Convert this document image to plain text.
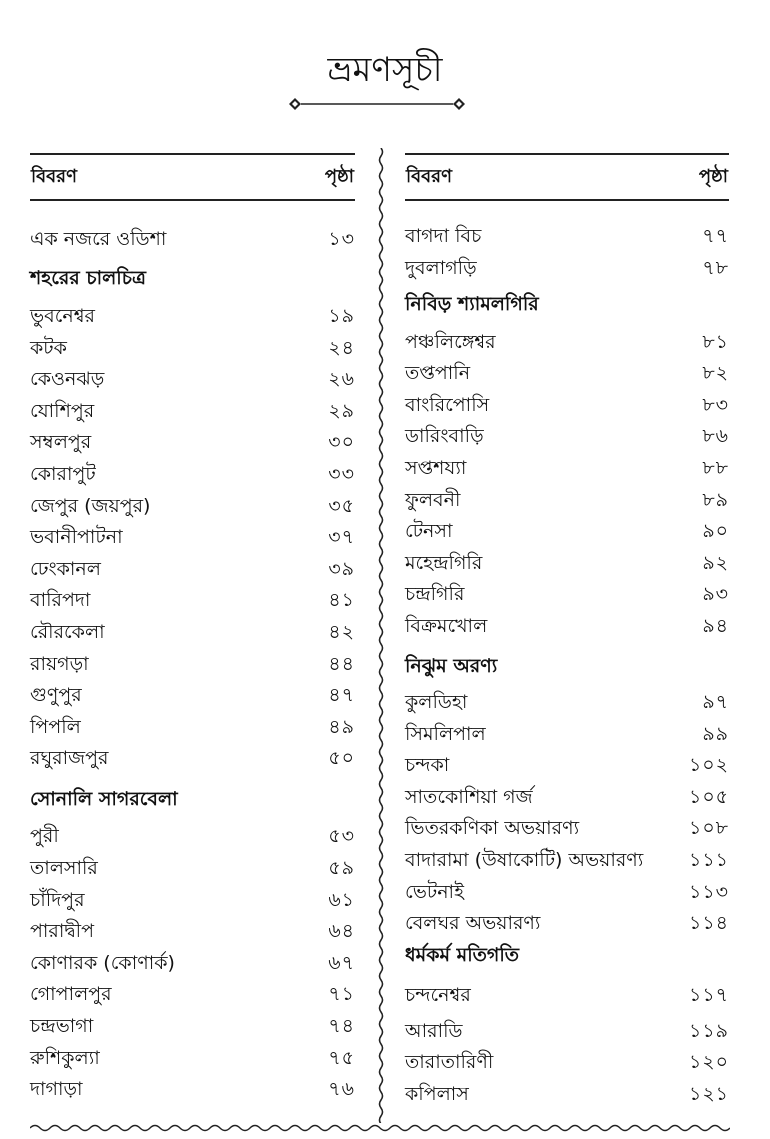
ভ্রমণসূচী
বিবরণ	পৃষ্ঠা
এক নজরে ওডিশা	১৩
শহরের চালচিত্র
ভুবনেশ্বর	১৯
কটক	২৪
কেওনঝড়	২৬
যোশিপুর	২৯
সম্বলপুর	৩০
কোরাপুট	৩৩
জেপুর (জয়পুর)	৩৫
ভবানীপাটনা	৩৭
ঢেংকানল	৩৯
বারিপদা	৪১
রৌরকেলা	৪২
রায়গড়া	৪৪
গুণুপুর	৪৭
পিপলি	৪৯
রঘুরাজপুর	৫০
সোনালি সাগরবেলা
পুরী	৫৩
তালসারি	৫৯
চাঁদিপুর	৬১
পারাদ্বীপ	৬৪
কোণারক (কোণার্ক)	৬৭
গোপালপুর	৭১
চন্দ্রভাগা	৭৪
রুশিকুল্যা	৭৫
দাগাড়া	৭৬
বিবরণ	পৃষ্ঠা
বাগদা বিচ	৭৭
দুবলাগড়ি	৭৮
নিবিড় শ্যামলগিরি
পঞ্চলিঙ্গেশ্বর	৮১
তপ্তপানি	৮২
বাংরিপোসি	৮৩
ডারিংবাড়ি	৮৬
সপ্তশয্যা	৮৮
ফুলবনী	৮৯
টেনসা	৯০
মহেন্দ্রগিরি	৯২
চন্দ্রগিরি	৯৩
বিক্রমখোল	৯৪
নিঝুম অরণ্য
কুলডিহা	৯৭
সিমলিপাল	৯৯
চন্দকা	১০২
সাতকোশিয়া গর্জ	১০৫
ভিতরকণিকা অভয়ারণ্য	১০৮
বাদারামা (উষাকোটি) অভয়ারণ্য ১১১
ভেটনাই	১১৩
বেলঘর অভয়ারণ্য	১১৪
ধর্মকর্ম মতিগতি
চন্দনেশ্বর	১১৭
আরাডি	১১৯
তারাতারিণী	১২০
কপিলাস	১২১
